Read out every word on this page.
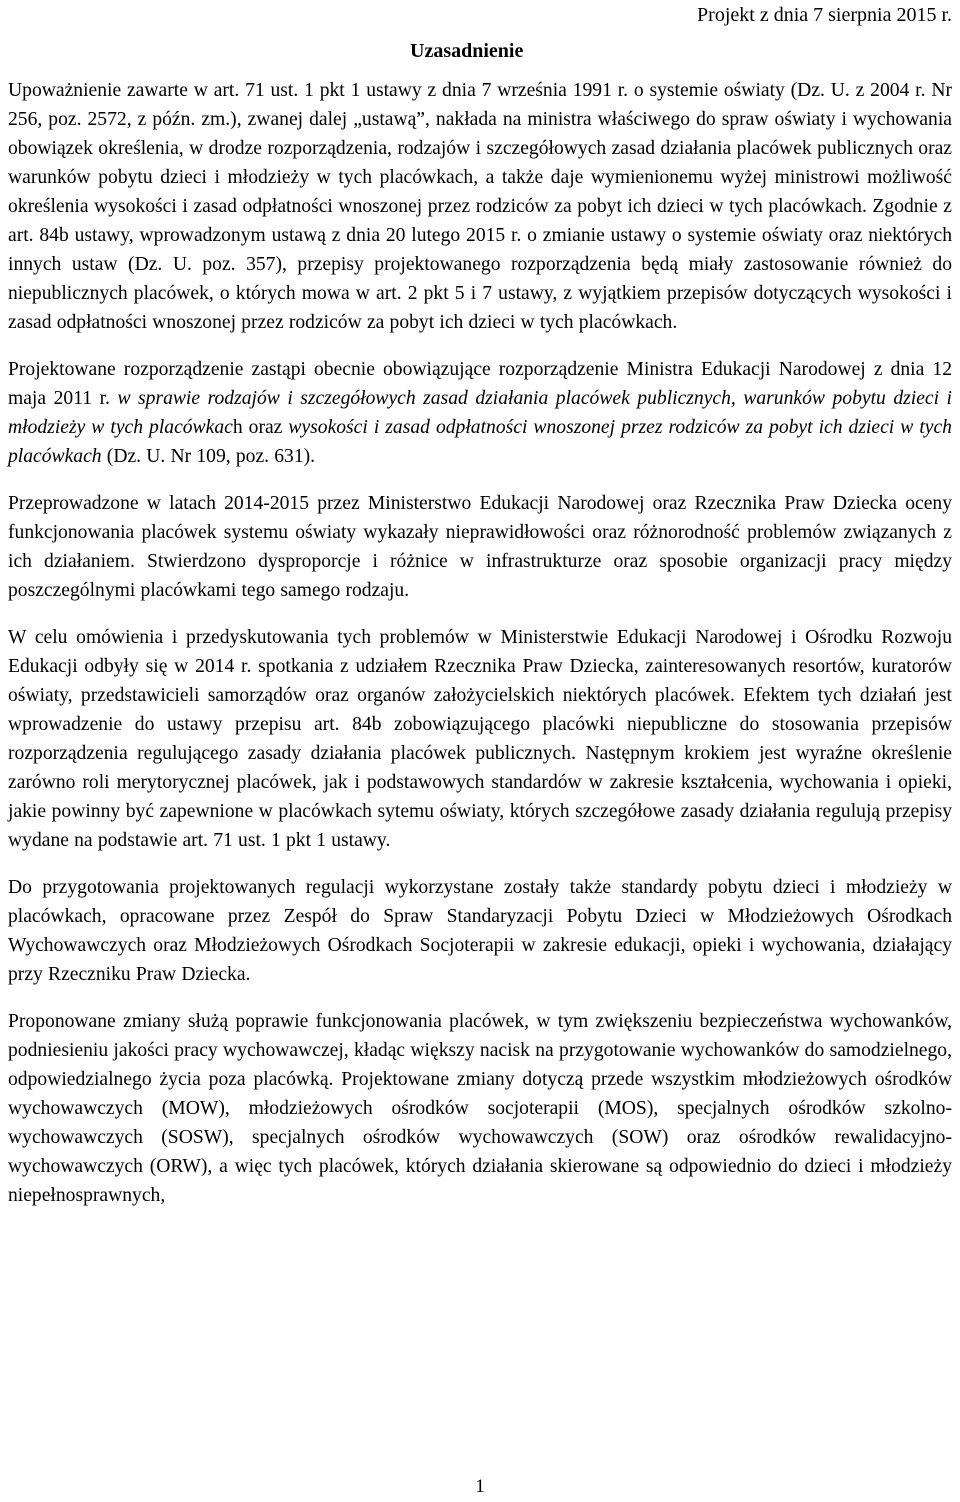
Projekt z dnia 7 sierpnia 2015 r.
Uzasadnienie

Upoważnienie zawarte w art. 71 ust. 1 pkt 1 ustawy z dnia 7 września 1991 r. o systemie oświaty (Dz. U. z 2004 r. Nr 256, poz. 2572, z późn. zm.), zwanej dalej „ustawą”, nakłada na ministra właściwego do spraw oświaty i wychowania obowiązek określenia, w drodze rozporządzenia, rodzajów i szczegółowych zasad działania placówek publicznych oraz warunków pobytu dzieci i młodzieży w tych placówkach, a także daje wymienionemu wyżej ministrowi możliwość określenia wysokości i zasad odpłatności wnoszonej przez rodziców za pobyt ich dzieci w tych placówkach. Zgodnie z art. 84b ustawy, wprowadzonym ustawą z dnia 20 lutego 2015 r. o zmianie ustawy o systemie oświaty oraz niektórych innych ustaw (Dz. U. poz. 357), przepisy projektowanego rozporządzenia będą miały zastosowanie również do niepublicznych placówek, o których mowa w art. 2 pkt 5 i 7 ustawy, z wyjątkiem przepisów dotyczących wysokości i zasad odpłatności wnoszonej przez rodziców za pobyt ich dzieci w tych placówkach.

Projektowane rozporządzenie zastąpi obecnie obowiązujące rozporządzenie Ministra Edukacji Narodowej z dnia 12 maja 2011 r. w sprawie rodzajów i szczegółowych zasad działania placówek publicznych, warunków pobytu dzieci i młodzieży w tych placówkach oraz wysokości i zasad odpłatności wnoszonej przez rodziców za pobyt ich dzieci w tych placówkach (Dz. U. Nr 109, poz. 631).

Przeprowadzone w latach 2014-2015 przez Ministerstwo Edukacji Narodowej oraz Rzecznika Praw Dziecka oceny funkcjonowania placówek systemu oświaty wykazały nieprawidłowości oraz różnorodność problemów związanych z ich działaniem. Stwierdzono dysproporcje i różnice w infrastrukturze oraz sposobie organizacji pracy między poszczególnymi placówkami tego samego rodzaju.

W celu omówienia i przedyskutowania tych problemów w Ministerstwie Edukacji Narodowej i Ośrodku Rozwoju Edukacji odbyły się w 2014 r. spotkania z udziałem Rzecznika Praw Dziecka, zainteresowanych resortów, kuratorów oświaty, przedstawicieli samorządów oraz organów założycielskich niektórych placówek. Efektem tych działań jest wprowadzenie do ustawy przepisu art. 84b zobowiązującego placówki niepubliczne do stosowania przepisów rozporządzenia regulującego zasady działania placówek publicznych. Następnym krokiem jest wyraźne określenie zarówno roli merytorycznej placówek, jak i podstawowych standardów w zakresie kształcenia, wychowania i opieki, jakie powinny być zapewnione w placówkach sytemu oświaty, których szczegółowe zasady działania regulują przepisy wydane na podstawie art. 71 ust. 1 pkt 1 ustawy.

Do przygotowania projektowanych regulacji wykorzystane zostały także standardy pobytu dzieci i młodzieży w placówkach, opracowane przez Zespół do Spraw Standaryzacji Pobytu Dzieci w Młodzieżowych Ośrodkach Wychowawczych oraz Młodzieżowych Ośrodkach Socjoterapii w zakresie edukacji, opieki i wychowania, działający przy Rzeczniku Praw Dziecka.

Proponowane zmiany służą poprawie funkcjonowania placówek, w tym zwiększeniu bezpieczeństwa wychowanków, podniesieniu jakości pracy wychowawczej, kładąc większy nacisk na przygotowanie wychowanków do samodzielnego, odpowiedzialnego życia poza placówką. Projektowane zmiany dotyczą przede wszystkim młodzieżowych ośrodków wychowawczych (MOW), młodzieżowych ośrodków socjoterapii (MOS), specjalnych ośrodków szkolno-wychowawczych (SOSW), specjalnych ośrodków wychowawczych (SOW) oraz ośrodków rewalidacyjno-wychowawczych (ORW), a więc tych placówek, których działania skierowane są odpowiednio do dzieci i młodzieży niepełnosprawnych,

1
